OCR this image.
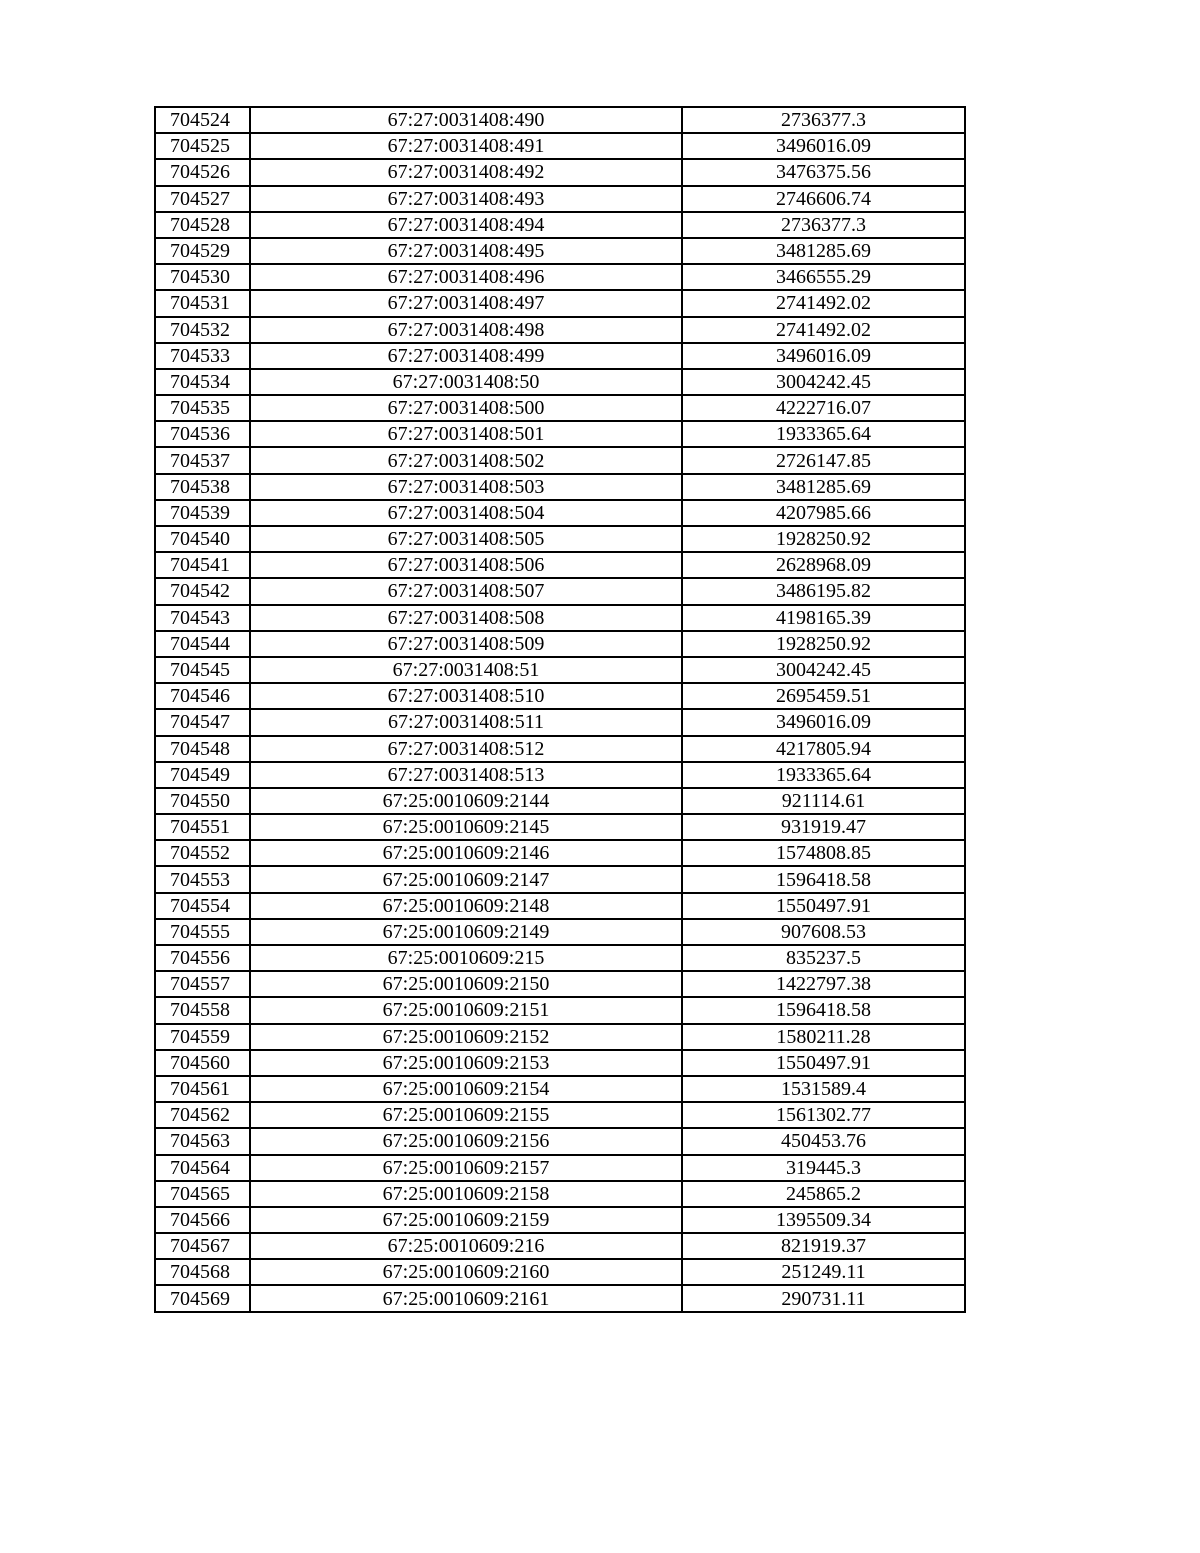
704524	67:27:0031408:490	2736377.3
704525	67:27:0031408:491	3496016.09
704526	67:27:0031408:492	3476375.56
704527	67:27:0031408:493	2746606.74
704528	67:27:0031408:494	2736377.3
704529	67:27:0031408:495	3481285.69
704530	67:27:0031408:496	3466555.29
704531	67:27:0031408:497	2741492.02
704532	67:27:0031408:498	2741492.02
704533	67:27:0031408:499	3496016.09
704534	67:27:0031408:50	3004242.45
704535	67:27:0031408:500	4222716.07
704536	67:27:0031408:501	1933365.64
704537	67:27:0031408:502	2726147.85
704538	67:27:0031408:503	3481285.69
704539	67:27:0031408:504	4207985.66
704540	67:27:0031408:505	1928250.92
704541	67:27:0031408:506	2628968.09
704542	67:27:0031408:507	3486195.82
704543	67:27:0031408:508	4198165.39
704544	67:27:0031408:509	1928250.92
704545	67:27:0031408:51	3004242.45
704546	67:27:0031408:510	2695459.51
704547	67:27:0031408:511	3496016.09
704548	67:27:0031408:512	4217805.94
704549	67:27:0031408:513	1933365.64
704550	67:25:0010609:2144	921114.61
704551	67:25:0010609:2145	931919.47
704552	67:25:0010609:2146	1574808.85
704553	67:25:0010609:2147	1596418.58
704554	67:25:0010609:2148	1550497.91
704555	67:25:0010609:2149	907608.53
704556	67:25:0010609:215	835237.5
704557	67:25:0010609:2150	1422797.38
704558	67:25:0010609:2151	1596418.58
704559	67:25:0010609:2152	1580211.28
704560	67:25:0010609:2153	1550497.91
704561	67:25:0010609:2154	1531589.4
704562	67:25:0010609:2155	1561302.77
704563	67:25:0010609:2156	450453.76
704564	67:25:0010609:2157	319445.3
704565	67:25:0010609:2158	245865.2
704566	67:25:0010609:2159	1395509.34
704567	67:25:0010609:216	821919.37
704568	67:25:0010609:2160	251249.11
704569	67:25:0010609:2161	290731.11
